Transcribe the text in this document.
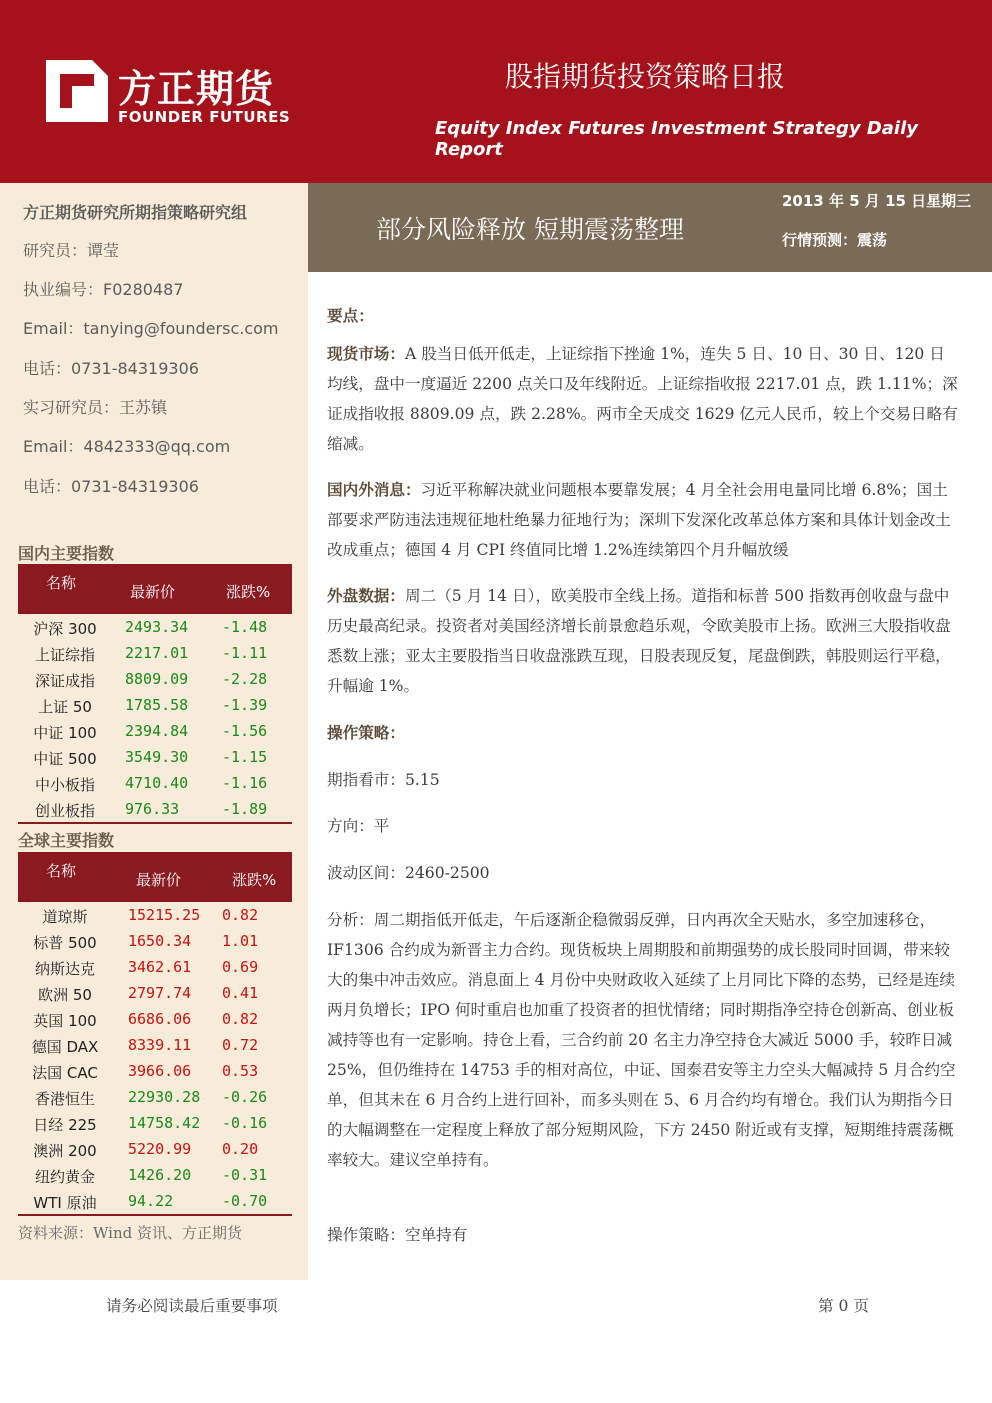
方正期货
FOUNDER FUTURES
股指期货投资策略日报
Equity Index Futures Investment Strategy Daily Report
方正期货研究所期指策略研究组
研究员：谭莹
执业编号：F0280487
Email：tanying@foundersc.com
电话：0731-84319306
实习研究员：王苏镇
Email：4842333@qq.com
电话：0731-84319306
国内主要指数
名称	最新价	涨跌%
沪深 300	2493.34 -1.48
上证综指	2217.01 -1.11
深证成指	8809.09 -2.28
上证 50	1785.58 -1.39
中证 100	2394.84 -1.56
中证 500	3549.30 -1.15
中小板指	4710.40 -1.16
创业板指	976.33	-1.89
全球主要指数
名称	最新价	涨跌%
道琼斯	15215.25 0.82
标普 500	1650.34 1.01
纳斯达克	3462.61 0.69
欧洲 50	2797.74 0.41
英国 100	6686.06 0.82
德国 DAX	8339.11 0.72
法国 CAC	3966.06 0.53
香港恒生	22930.28 -0.26
日经 225	14758.42 -0.16
澳洲 200	5220.99 0.20
纽约黄金	1426.20 -0.31
WTI 原油	94.22	-0.70
资料来源：Wind 资讯、方正期货
部分风险释放 短期震荡整理
2013 年 5 月 15 日星期三
行情预测：震荡
要点：
现货市场：A 股当日低开低走，上证综指下挫逾 1%，连失 5 日、10 日、30 日、120 日均线，盘中一度逼近 2200 点关口及年线附近。上证综指收报 2217.01 点，跌 1.11%；深证成指收报 8809.09 点，跌 2.28%。两市全天成交 1629 亿元人民币，较上个交易日略有缩减。
国内外消息：习近平称解决就业问题根本要靠发展；4 月全社会用电量同比增 6.8%；国土部要求严防违法违规征地杜绝暴力征地行为；深圳下发深化改革总体方案和具体计划金改土改成重点；德国 4 月 CPI 终值同比增 1.2%连续第四个月升幅放缓
外盘数据：周二（5 月 14 日），欧美股市全线上扬。道指和标普 500 指数再创收盘与盘中历史最高纪录。投资者对美国经济增长前景愈趋乐观，令欧美股市上扬。欧洲三大股指收盘悉数上涨；亚太主要股指当日收盘涨跌互现，日股表现反复，尾盘倒跌，韩股则运行平稳，升幅逾 1%。
操作策略：
期指看市：5.15
方向：平
波动区间：2460-2500
分析：周二期指低开低走，午后逐渐企稳微弱反弹，日内再次全天贴水，多空加速移仓，IF1306 合约成为新晋主力合约。现货板块上周期股和前期强势的成长股同时回调，带来较大的集中冲击效应。消息面上 4 月份中央财政收入延续了上月同比下降的态势，已经是连续两月负增长；IPO 何时重启也加重了投资者的担忧情绪；同时期指净空持仓创新高、创业板减持等也有一定影响。持仓上看，三合约前 20 名主力净空持仓大减近 5000 手，较昨日减 25%，但仍维持在 14753 手的相对高位，中证、国泰君安等主力空头大幅减持 5 月合约空单，但其未在 6 月合约上进行回补，而多头则在 5、6 月合约均有增仓。我们认为期指今日的大幅调整在一定程度上释放了部分短期风险，下方 2450 附近或有支撑，短期维持震荡概率较大。建议空单持有。
操作策略：空单持有
请务必阅读最后重要事项	第 0 页
